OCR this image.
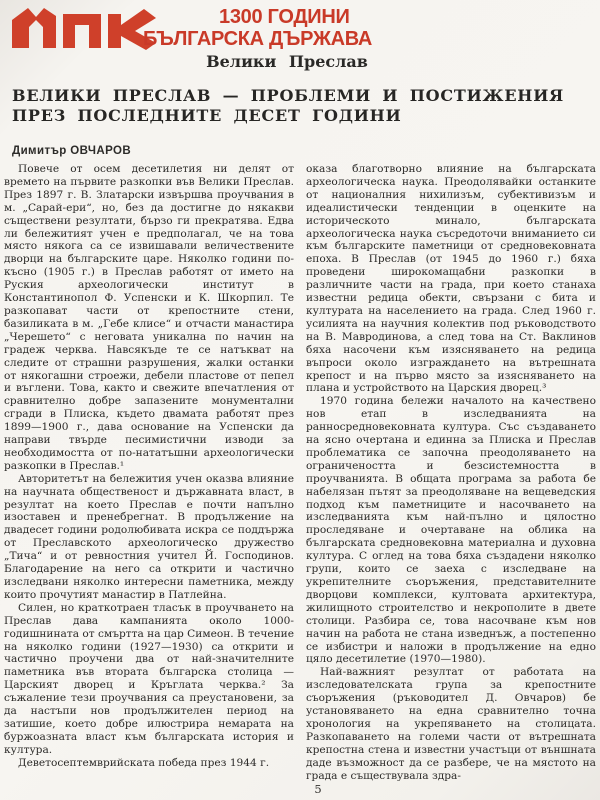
1300 ГОДИНИ
БЪЛГАРСКА ДЪРЖАВА
Велики Преслав
ВЕЛИКИ ПРЕСЛАВ — ПРОБЛЕМИ И ПОСТИЖЕНИЯ ПРЕЗ ПОСЛЕДНИТЕ ДЕСЕТ ГОДИНИ
Димитър ОВЧАРОВ

Повече от осем десетилетия ни делят от времето на първите разкопки във Велики Преслав. През 1897 г. В. Златарски извършва проучвания в м. „Сарай-ери“, но, без да достигне до някакви съществени резултати, бързо ги прекратява. Едва ли бележитият учен е предполагал, че на това място някога са се извишавали величествените дворци на българските царе. Няколко години по-късно (1905 г.) в Преслав работят от името на Руския археологически институт в Константинопол Ф. Успенски и К. Шкорпил. Те разкопават части от крепостните стени, базиликата в м. „Гебе клисе“ и отчасти манастира „Черешето“ с неговата уникална по начин на градеж черква. Навсякъде те се натъкват на следите от страшни разрушения, жалки останки от някогашни строежи, дебели пластове от пепел и въглени. Това, както и свежите впечатления от сравнително добре запазените монументални сгради в Плиска, където двамата работят през 1899—1900 г., дава основание на Успенски да направи твърде песимистични изводи за необходимостта от по-нататъшни археологически разкопки в Преслав.¹

Авторитетът на бележития учен оказва влияние на научната общественост и държавната власт, в резултат на което Преслав е почти напълно изоставен и пренебрегнат. В продължение на двадесет години родолюбивата искра се поддържа от Преславското археологическо дружество „Тича“ и от ревностния учител Й. Господинов. Благодарение на него са открити и частично изследвани няколко интересни паметника, между които прочутият манастир в Патлейна.

Силен, но краткотраен тласък в проучването на Преслав дава кампанията около 1000-годишнината от смъртта на цар Симеон. В течение на няколко години (1927—1930) са открити и частично проучени два от най-значителните паметника във втората българска столица — Царският дворец и Кръглата черква.² За съжаление тези проучвания са преустановени, за да настъпи нов продължителен период на затишие, което добре илюстрира немарата на буржоазната власт към българската история и култура.

Деветосептемврийската победа през 1944 г.

оказа благотворно влияние на българската археологическа наука. Преодолявайки останките от националния нихилизъм, субективизъм и идеалистически тенденции в оценките на историческото минало, българската археологическа наука съсредоточи вниманието си към българските паметници от средновековната епоха. В Преслав (от 1945 до 1960 г.) бяха проведени широкомащабни разкопки в различните части на града, при което станаха известни редица обекти, свързани с бита и културата на населението на града. След 1960 г. усилията на научния колектив под ръководството на В. Мавродинова, а след това на Ст. Ваклинов бяха насочени към изясняването на редица въпроси около изграждането на вътрешната крепост и на първо място за изясняването на плана и устройството на Царския дворец.³

1970 година бележи началото на качествено нов етап в изследванията на ранносредновековната култура. Със създаването на ясно очертана и единна за Плиска и Преслав проблематика се започна преодоляването на ограничеността и безсистемността в проучванията. В общата програма за работа бе набелязан пътят за преодоляване на вещеведския подход към паметниците и насочването на изследванията към най-пълно и цялостно проследяване и очертаване на облика на българската средновековна материална и духовна култура. С оглед на това бяха създадени няколко групи, които се заеха с изследване на укрепителните съоръжения, представителните дворцови комплекси, култовата архитектура, жилищното строителство и некрополите в двете столици. Разбира се, това насочване към нов начин на работа не стана изведнъж, а постепенно се избистри и наложи в продължение на едно цяло десетилетие (1970—1980).

Най-важният резултат от работата на изследователската група за крепостните съоръжения (ръководител Д. Овчаров) бе установяването на една сравнително точна хронология на укрепяването на столицата. Разкопаването на големи части от вътрешната крепостна стена и известни участъци от външната даде възможност да се разбере, че на мястото на града е съществувала здра-

5
